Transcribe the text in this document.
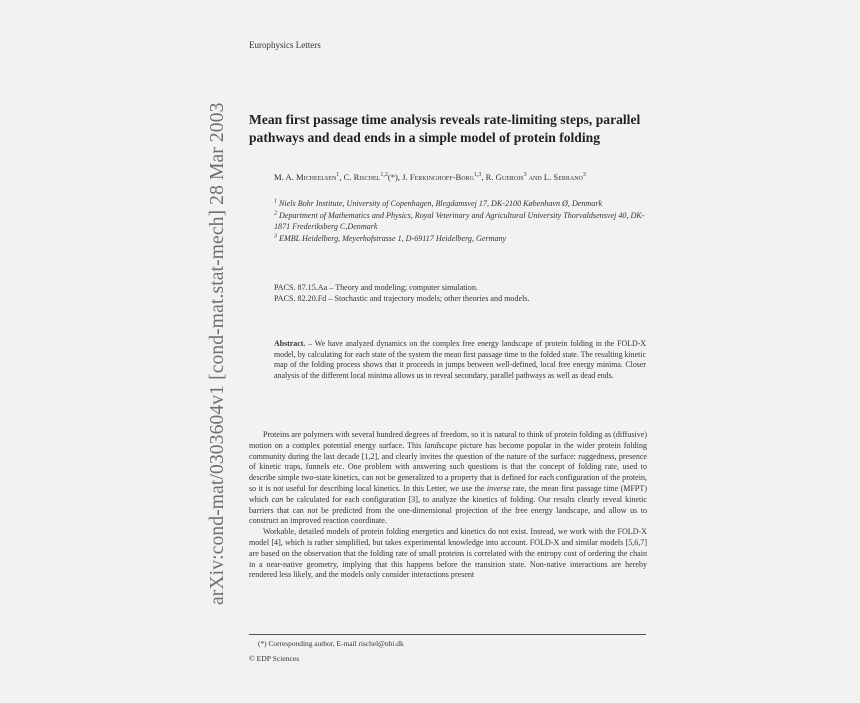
Europhysics Letters
arXiv:cond-mat/0303604v1 [cond-mat.stat-mech] 28 Mar 2003 Mean first passage time analysis reveals rate-limiting steps, parallel pathways and dead ends in a simple model of protein folding
M. A. Micheelsen$^1$, C. Rischel$^{1,2}$(*), J. Ferkinghoff-Borg$^{1,3}$, R. Guerois$^3$ and L. Serrano$^3$
$^1$ Niels Bohr Institute, University of Copenhagen, Blegdamsvej 17, DK-2100 København Ø, Denmark
$^2$ Department of Mathematics and Physics, Royal Veterinary and Agricultural University Thorvaldsensvej 40, DK-1871 Frederiksberg C,Denmark
$^3$ EMBL Heidelberg, Meyerhofstrasse 1, D-69117 Heidelberg, Germany
PACS. 87.15.Aa – Theory and modeling; computer simulation.
PACS. 82.20.Fd – Stochastic and trajectory models; other theories and models.
Abstract. – We have analyzed dynamics on the complex free energy landscape of protein folding in the FOLD-X model, by calculating for each state of the system the mean first passage time to the folded state. The resulting kinetic map of the folding process shows that it proceeds in jumps between well-defined, local free energy minima. Closer analysis of the different local minima allows us to reveal secondary, parallel pathways as well as dead ends.

Proteins are polymers with several hundred degrees of freedom, so it is natural to think of protein folding as (diffusive) motion on a complex potential energy surface. This landscape picture has become popular in the wider protein folding community during the last decade [1,2], and clearly invites the question of the nature of the surface: ruggedness, presence of kinetic traps, funnels etc. One problem with answering such questions is that the concept of folding rate, used to describe simple two-state kinetics, can not be generalized to a property that is defined for each configuration of the protein, so it is not useful for describing local kinetics. In this Letter, we use the inverse rate, the mean first passage time (MFPT) which can be calculated for each configuration [3], to analyze the kinetics of folding. Our results clearly reveal kinetic barriers that can not be predicted from the one-dimensional projection of the free energy landscape, and allow us to construct an improved reaction coordinate.

Workable, detailed models of protein folding energetics and kinetics do not exist. Instead, we work with the FOLD-X model [4], which is rather simplified, but takes experimental knowledge into account. FOLD-X and similar models [5,6,7] are based on the observation that the folding rate of small proteins is correlated with the entropy cost of ordering the chain in a near-native geometry, implying that this happens before the transition state. Non-native interactions are hereby rendered less likely, and the models only consider interactions present

(*) Corresponding author, E-mail rischel@nbi.dk
© EDP Sciences
